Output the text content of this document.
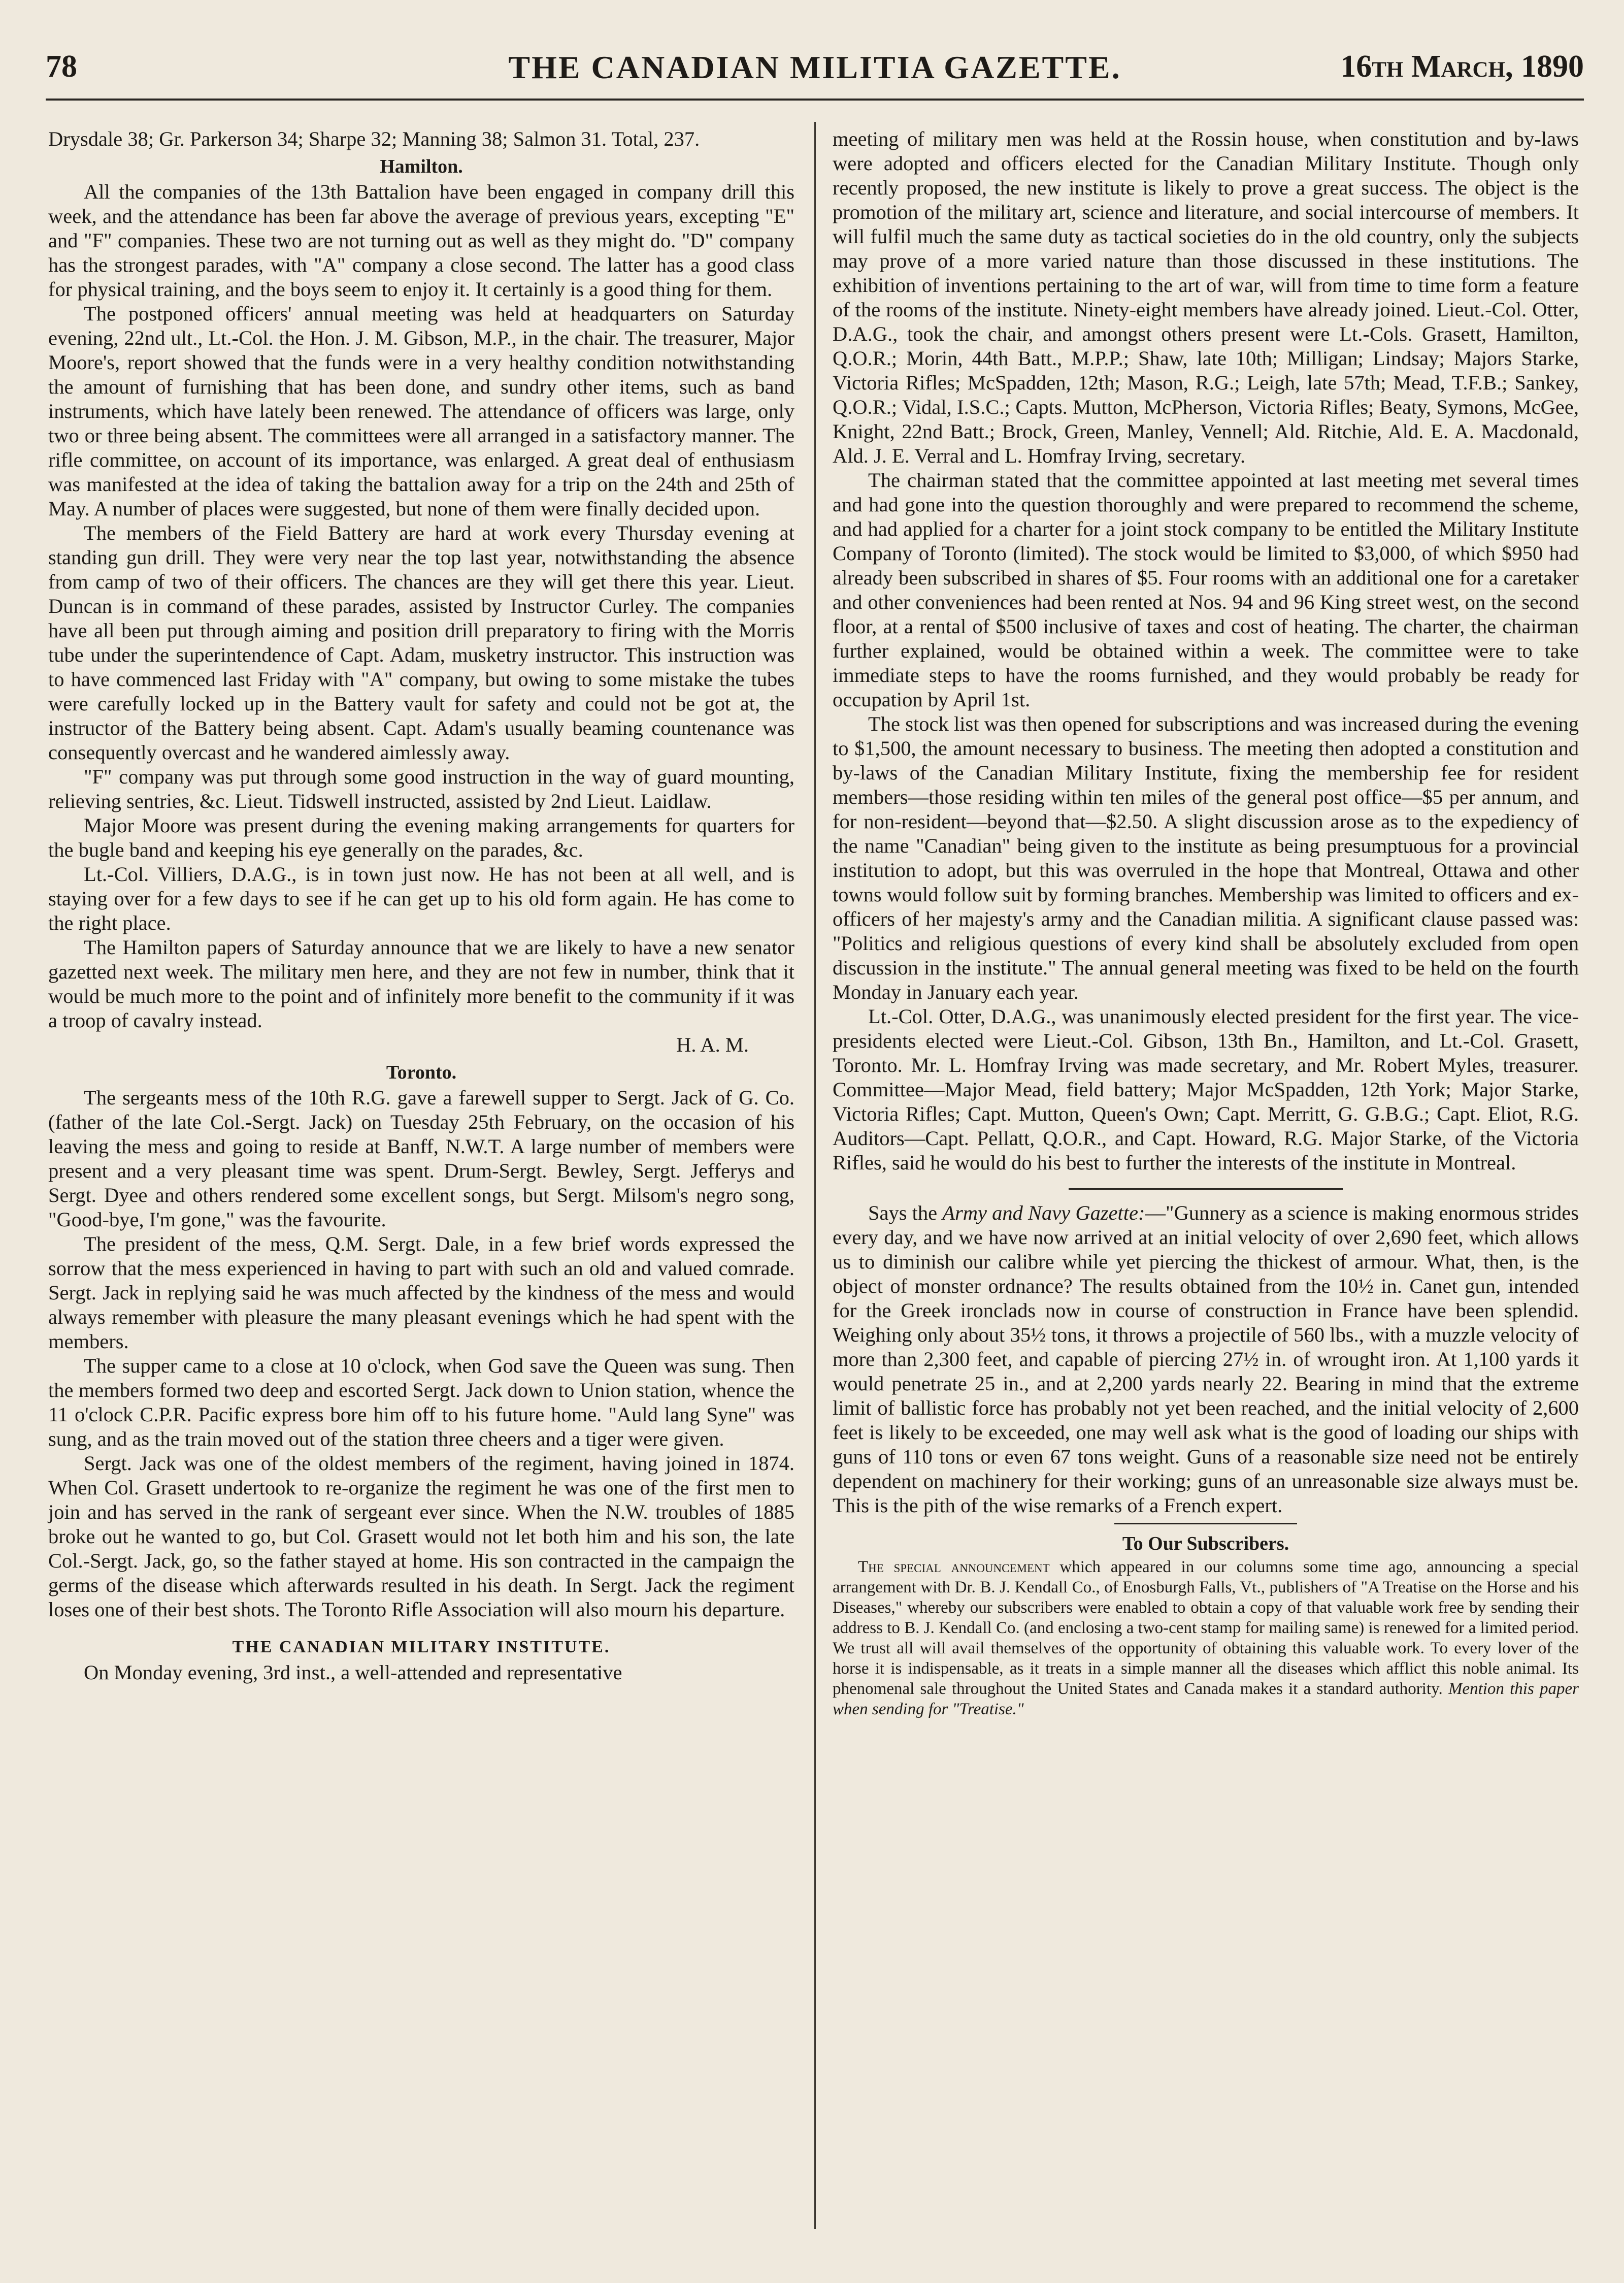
78	THE CANADIAN MILITIA GAZETTE.	16th March, 1890

Drysdale 38; Gr. Parkerson 34; Sharpe 32; Manning 38; Salmon 31. Total, 237.

Hamilton.

All the companies of the 13th Battalion have been engaged in company drill this week, and the attendance has been far above the average of previous years, excepting "E" and "F" companies. These two are not turning out as well as they might do. "D" company has the strongest parades, with "A" company a close second. The latter has a good class for physical training, and the boys seem to enjoy it. It certainly is a good thing for them.

The postponed officers' annual meeting was held at headquarters on Saturday evening, 22nd ult., Lt.-Col. the Hon. J. M. Gibson, M.P., in the chair. The treasurer, Major Moore's, report showed that the funds were in a very healthy condition notwithstanding the amount of furnishing that has been done, and sundry other items, such as band instruments, which have lately been renewed. The attendance of officers was large, only two or three being absent. The committees were all arranged in a satisfactory manner. The rifle committee, on account of its importance, was enlarged. A great deal of enthusiasm was manifested at the idea of taking the battalion away for a trip on the 24th and 25th of May. A number of places were suggested, but none of them were finally decided upon.

The members of the Field Battery are hard at work every Thursday evening at standing gun drill. They were very near the top last year, notwithstanding the absence from camp of two of their officers. The chances are they will get there this year. Lieut. Duncan is in command of these parades, assisted by Instructor Curley. The companies have all been put through aiming and position drill preparatory to firing with the Morris tube under the superintendence of Capt. Adam, musketry instructor. This instruction was to have commenced last Friday with "A" company, but owing to some mistake the tubes were carefully locked up in the Battery vault for safety and could not be got at, the instructor of the Battery being absent. Capt. Adam's usually beaming countenance was consequently overcast and he wandered aimlessly away.

"F" company was put through some good instruction in the way of guard mounting, relieving sentries, &c. Lieut. Tidswell instructed, assisted by 2nd Lieut. Laidlaw.

Major Moore was present during the evening making arrangements for quarters for the bugle band and keeping his eye generally on the parades, &c.

Lt.-Col. Villiers, D.A.G., is in town just now. He has not been at all well, and is staying over for a few days to see if he can get up to his old form again. He has come to the right place.

The Hamilton papers of Saturday announce that we are likely to have a new senator gazetted next week. The military men here, and they are not few in number, think that it would be much more to the point and of infinitely more benefit to the community if it was a troop of cavalry instead.

H. A. M.

Toronto.

The sergeants mess of the 10th R.G. gave a farewell supper to Sergt. Jack of G. Co. (father of the late Col.-Sergt. Jack) on Tuesday 25th February, on the occasion of his leaving the mess and going to reside at Banff, N.W.T. A large number of members were present and a very pleasant time was spent. Drum-Sergt. Bewley, Sergt. Jefferys and Sergt. Dyee and others rendered some excellent songs, but Sergt. Milsom's negro song, "Good-bye, I'm gone," was the favourite.

The president of the mess, Q.M. Sergt. Dale, in a few brief words expressed the sorrow that the mess experienced in having to part with such an old and valued comrade. Sergt. Jack in replying said he was much affected by the kindness of the mess and would always remember with pleasure the many pleasant evenings which he had spent with the members.

The supper came to a close at 10 o'clock, when God save the Queen was sung. Then the members formed two deep and escorted Sergt. Jack down to Union station, whence the 11 o'clock C.P.R. Pacific express bore him off to his future home. "Auld lang Syne" was sung, and as the train moved out of the station three cheers and a tiger were given.

Sergt. Jack was one of the oldest members of the regiment, having joined in 1874. When Col. Grasett undertook to re-organize the regiment he was one of the first men to join and has served in the rank of sergeant ever since. When the N.W. troubles of 1885 broke out he wanted to go, but Col. Grasett would not let both him and his son, the late Col.-Sergt. Jack, go, so the father stayed at home. His son contracted in the campaign the germs of the disease which afterwards resulted in his death. In Sergt. Jack the regiment loses one of their best shots. The Toronto Rifle Association will also mourn his departure.

THE CANADIAN MILITARY INSTITUTE.

On Monday evening, 3rd inst., a well-attended and representative

meeting of military men was held at the Rossin house, when constitution and by-laws were adopted and officers elected for the Canadian Military Institute. Though only recently proposed, the new institute is likely to prove a great success. The object is the promotion of the military art, science and literature, and social intercourse of members. It will fulfil much the same duty as tactical societies do in the old country, only the subjects may prove of a more varied nature than those discussed in these institutions. The exhibition of inventions pertaining to the art of war, will from time to time form a feature of the rooms of the institute. Ninety-eight members have already joined. Lieut.-Col. Otter, D.A.G., took the chair, and amongst others present were Lt.-Cols. Grasett, Hamilton, Q.O.R.; Morin, 44th Batt., M.P.P.; Shaw, late 10th; Milligan; Lindsay; Majors Starke, Victoria Rifles; McSpadden, 12th; Mason, R.G.; Leigh, late 57th; Mead, T.F.B.; Sankey, Q.O.R.; Vidal, I.S.C.; Capts. Mutton, McPherson, Victoria Rifles; Beaty, Symons, McGee, Knight, 22nd Batt.; Brock, Green, Manley, Vennell; Ald. Ritchie, Ald. E. A. Macdonald, Ald. J. E. Verral and L. Homfray Irving, secretary.

The chairman stated that the committee appointed at last meeting met several times and had gone into the question thoroughly and were prepared to recommend the scheme, and had applied for a charter for a joint stock company to be entitled the Military Institute Company of Toronto (limited). The stock would be limited to $3,000, of which $950 had already been subscribed in shares of $5. Four rooms with an additional one for a caretaker and other conveniences had been rented at Nos. 94 and 96 King street west, on the second floor, at a rental of $500 inclusive of taxes and cost of heating. The charter, the chairman further explained, would be obtained within a week. The committee were to take immediate steps to have the rooms furnished, and they would probably be ready for occupation by April 1st.

The stock list was then opened for subscriptions and was increased during the evening to $1,500, the amount necessary to business. The meeting then adopted a constitution and by-laws of the Canadian Military Institute, fixing the membership fee for resident members—those residing within ten miles of the general post office—$5 per annum, and for non-resident—beyond that—$2.50. A slight discussion arose as to the expediency of the name "Canadian" being given to the institute as being presumptuous for a provincial institution to adopt, but this was overruled in the hope that Montreal, Ottawa and other towns would follow suit by forming branches. Membership was limited to officers and ex-officers of her majesty's army and the Canadian militia. A significant clause passed was: "Politics and religious questions of every kind shall be absolutely excluded from open discussion in the institute." The annual general meeting was fixed to be held on the fourth Monday in January each year.

Lt.-Col. Otter, D.A.G., was unanimously elected president for the first year. The vice-presidents elected were Lieut.-Col. Gibson, 13th Bn., Hamilton, and Lt.-Col. Grasett, Toronto. Mr. L. Homfray Irving was made secretary, and Mr. Robert Myles, treasurer. Committee—Major Mead, field battery; Major McSpadden, 12th York; Major Starke, Victoria Rifles; Capt. Mutton, Queen's Own; Capt. Merritt, G. G.B.G.; Capt. Eliot, R.G. Auditors—Capt. Pellatt, Q.O.R., and Capt. Howard, R.G. Major Starke, of the Victoria Rifles, said he would do his best to further the interests of the institute in Montreal.

Says the Army and Navy Gazette:—"Gunnery as a science is making enormous strides every day, and we have now arrived at an initial velocity of over 2,690 feet, which allows us to diminish our calibre while yet piercing the thickest of armour. What, then, is the object of monster ordnance? The results obtained from the 10½ in. Canet gun, intended for the Greek ironclads now in course of construction in France have been splendid. Weighing only about 35½ tons, it throws a projectile of 560 lbs., with a muzzle velocity of more than 2,300 feet, and capable of piercing 27½ in. of wrought iron. At 1,100 yards it would penetrate 25 in., and at 2,200 yards nearly 22. Bearing in mind that the extreme limit of ballistic force has probably not yet been reached, and the initial velocity of 2,600 feet is likely to be exceeded, one may well ask what is the good of loading our ships with guns of 110 tons or even 67 tons weight. Guns of a reasonable size need not be entirely dependent on machinery for their working; guns of an unreasonable size always must be. This is the pith of the wise remarks of a French expert.

To Our Subscribers.

The special announcement which appeared in our columns some time ago, announcing a special arrangement with Dr. B. J. Kendall Co., of Enosburgh Falls, Vt., publishers of "A Treatise on the Horse and his Diseases," whereby our subscribers were enabled to obtain a copy of that valuable work free by sending their address to B. J. Kendall Co. (and enclosing a two-cent stamp for mailing same) is renewed for a limited period. We trust all will avail themselves of the opportunity of obtaining this valuable work. To every lover of the horse it is indispensable, as it treats in a simple manner all the diseases which afflict this noble animal. Its phenomenal sale throughout the United States and Canada makes it a standard authority. Mention this paper when sending for "Treatise."
